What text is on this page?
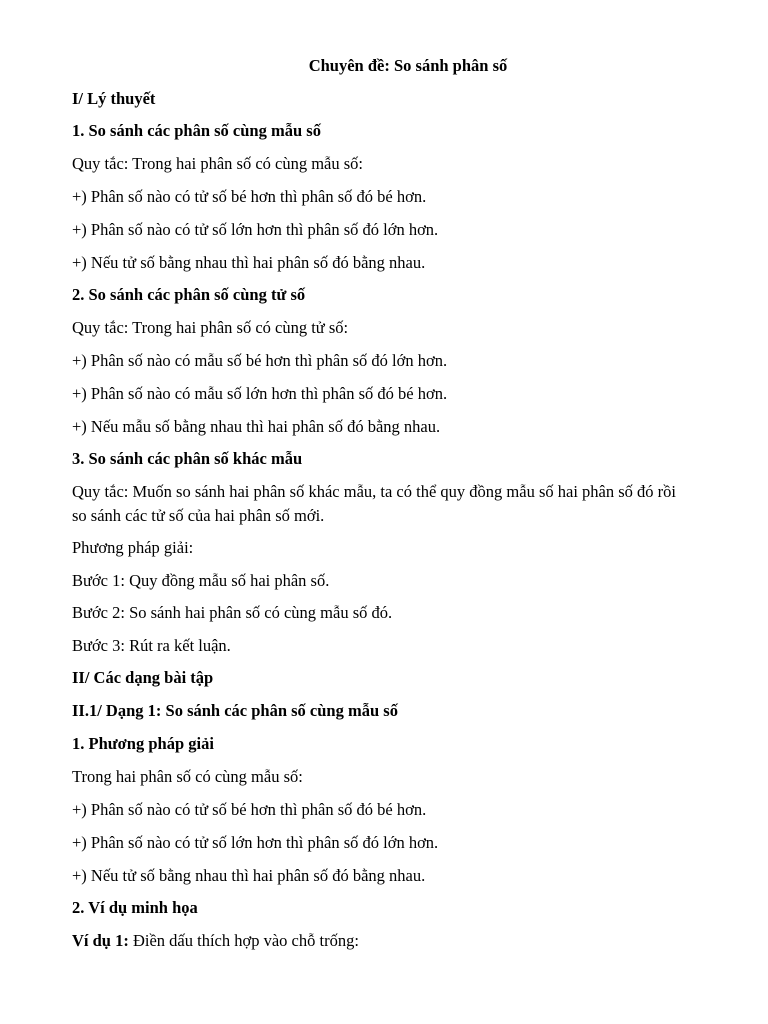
Chuyên đề: So sánh phân số
I/ Lý thuyết
1. So sánh các phân số cùng mẫu số
Quy tắc: Trong hai phân số có cùng mẫu số:
+) Phân số nào có tử số bé hơn thì phân số đó bé hơn.
+) Phân số nào có tử số lớn hơn thì phân số đó lớn hơn.
+) Nếu tử số bằng nhau thì hai phân số đó bằng nhau.
2. So sánh các phân số cùng tử số
Quy tắc: Trong hai phân số có cùng tử số:
+) Phân số nào có mẫu số bé hơn thì phân số đó lớn hơn.
+) Phân số nào có mẫu số lớn hơn thì phân số đó bé hơn.
+) Nếu mẫu số bằng nhau thì hai phân số đó bằng nhau.
3. So sánh các phân số khác mẫu
Quy tắc: Muốn so sánh hai phân số khác mẫu, ta có thể quy đồng mẫu số hai phân số đó rồi
so sánh các tử số của hai phân số mới.
Phương pháp giải:
Bước 1: Quy đồng mẫu số hai phân số.
Bước 2: So sánh hai phân số có cùng mẫu số đó.
Bước 3: Rút ra kết luận.
II/ Các dạng bài tập
II.1/ Dạng 1: So sánh các phân số cùng mẫu số
1. Phương pháp giải
Trong hai phân số có cùng mẫu số:
+) Phân số nào có tử số bé hơn thì phân số đó bé hơn.
+) Phân số nào có tử số lớn hơn thì phân số đó lớn hơn.
+) Nếu tử số bằng nhau thì hai phân số đó bằng nhau.
2. Ví dụ minh họa
Ví dụ 1: Điền dấu thích hợp vào chỗ trống:
